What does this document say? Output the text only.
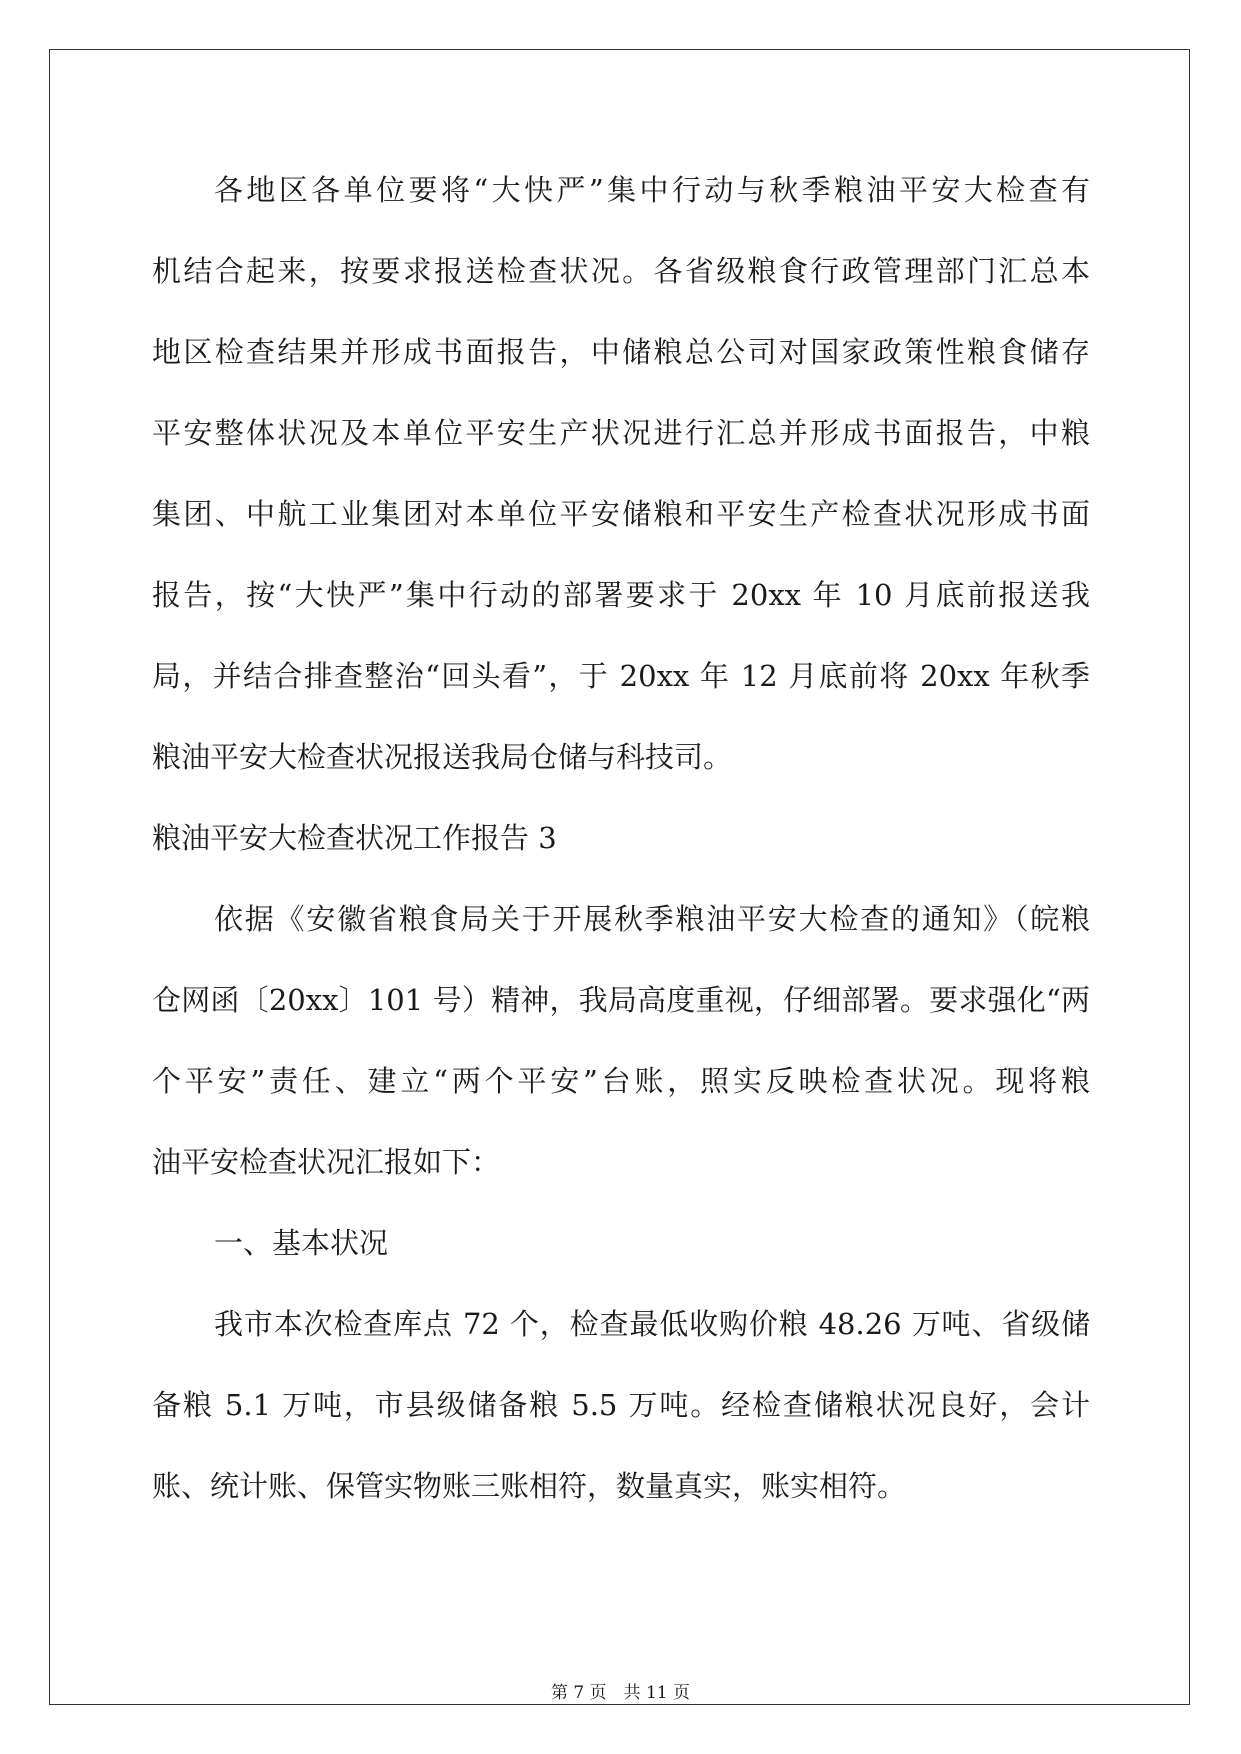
各地区各单位要将“大快严”集中行动与秋季粮油平安大检查有
机结合起来，按要求报送检查状况。各省级粮食行政管理部门汇总本
地区检查结果并形成书面报告，中储粮总公司对国家政策性粮食储存
平安整体状况及本单位平安生产状况进行汇总并形成书面报告，中粮
集团、中航工业集团对本单位平安储粮和平安生产检查状况形成书面
报告，按“大快严”集中行动的部署要求于 20xx 年 10 月底前报送我
局，并结合排查整治“回头看”，于 20xx 年 12 月底前将 20xx 年秋季
粮油平安大检查状况报送我局仓储与科技司。
粮油平安大检查状况工作报告 3
依据《安徽省粮食局关于开展秋季粮油平安大检查的通知》（皖粮
仓网函〔20xx〕101 号）精神，我局高度重视，仔细部署。要求强化“两
个平安”责任、建立“两个平安”台账，照实反映检查状况。现将粮
油平安检查状况汇报如下：
一、基本状况
我市本次检查库点 72 个，检查最低收购价粮 48.26 万吨、省级储
备粮 5.1 万吨，市县级储备粮 5.5 万吨。经检查储粮状况良好，会计
账、统计账、保管实物账三账相符，数量真实，账实相符。
第 7 页　共 11 页
